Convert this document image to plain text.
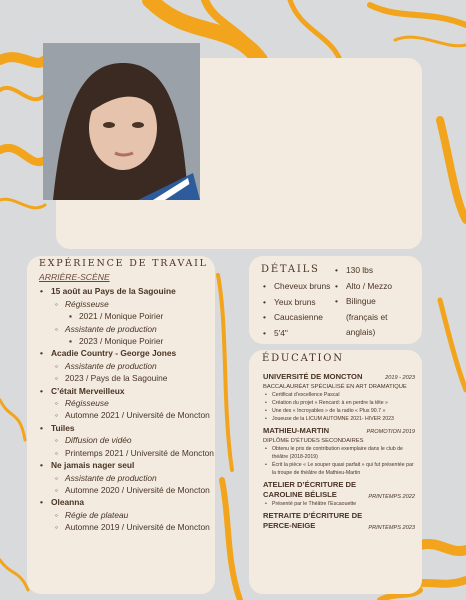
EXPÉRIENCE DE TRAVAIL
ARRIÈRE-SCÈNE
• 15 août au Pays de la Sagouine
◦ Régisseuse
▪ 2021 / Monique Poirier
◦ Assistante de production
▪ 2023 / Monique Poirier
• Acadie Country - George Jones
◦ Assistante de production
◦ 2023 / Pays de la Sagouine
• C’était Merveilleux
◦ Régisseuse
◦ Automne 2021 / Université de Moncton
• Tuiles
◦ Diffusion de vidéo
◦ Printemps 2021 / Université de Moncton
• Ne jamais nager seul
◦ Assistante de production
◦ Automne 2020 / Université de Moncton
• Oleanna
◦ Régie de plateau
◦ Automne 2019 / Université de Moncton
DÉTAILS
• Cheveux bruns
• Yeux bruns
• Caucasienne
• 5'4"
• 130 lbs
• Alto / Mezzo
• Bilingue
(français et
anglais)
ÉDUCATION
UNIVERSITÉ DE MONCTON	2019 - 2023
BACCALAURÉAT SPÉCIALISÉ EN ART DRAMATIQUE
• Certificat d’excellence Pascal
• Création du projet « Rencard: à en perdre la tête »
• Une des « Incroyables » de la radio « Plus 90.7 »
• Joueuse de la LICUM AUTOMNE 2021- HIVER 2023
MATHIEU-MARTIN	PROMOTION 2019
DIPLÔME D’ÉTUDES SECONDAIRES
• Obtenu le prix de contribution exemplaire dans le club de théâtre (2018-2019)
• Écrit la pièce « Le souper quasi parfait » qui fut présentée par la troupe de théâtre de Mathieu-Martin
ATELIER D’ÉCRITURE DE CAROLINE BÉLISLE	PRINTEMPS 2022
• Présenté par le Théâtre l’Escaouette
RETRAITE D’ÉCRITURE DE PERCE-NEIGE	PRINTEMPS 2023
